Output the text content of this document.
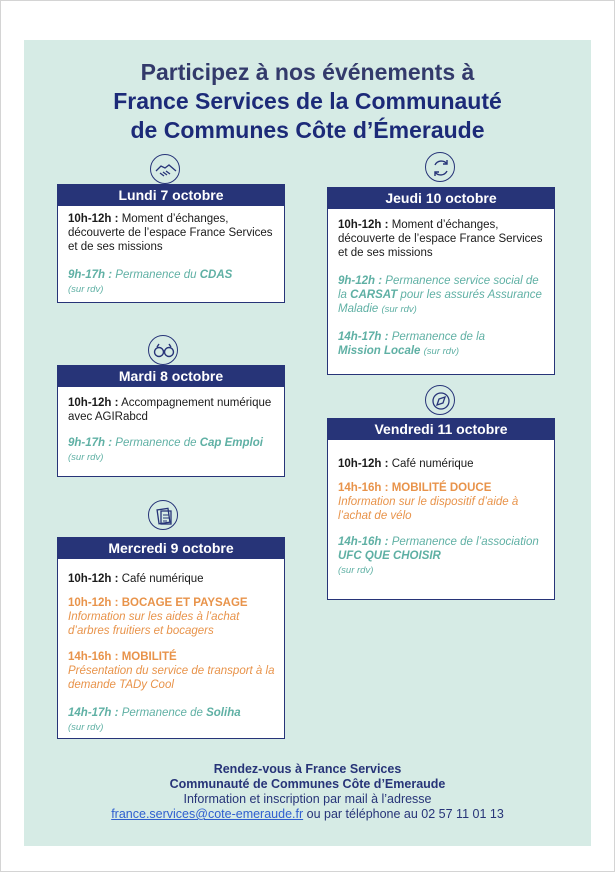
Participez à nos événements à
France Services de la Communauté
de Communes Côte d’Émeraude
Lundi 7 octobre
10h-12h : Moment d’échanges, découverte de l’espace France Services et de ses missions
9h-17h : Permanence du CDAS
(sur rdv)
Jeudi 10 octobre
10h-12h : Moment d’échanges, découverte de l’espace France Services et de ses missions
9h-12h : Permanence service social de la CARSAT pour les assurés Assurance Maladie (sur rdv)
14h-17h : Permanence de la
Mission Locale (sur rdv)
Mardi 8 octobre
10h-12h : Accompagnement numérique avec AGIRabcd
9h-17h : Permanence de Cap Emploi (sur rdv)
Vendredi 11 octobre
10h-12h : Café numérique
14h-16h : MOBILITÉ DOUCE
Information sur le dispositif d’aide à l’achat de vélo
14h-16h : Permanence de l’association UFC QUE CHOISIR
(sur rdv)
Mercredi 9 octobre
10h-12h : Café numérique
10h-12h : BOCAGE ET PAYSAGE
Information sur les aides à l’achat d’arbres fruitiers et bocagers
14h-16h : MOBILITÉ
Présentation du service de transport à la demande TADy Cool
14h-17h : Permanence de Soliha
(sur rdv)
Rendez-vous à France Services
Communauté de Communes Côte d’Emeraude
Information et inscription par mail à l’adresse
france.services@cote-emeraude.fr ou par téléphone au 02 57 11 01 13
